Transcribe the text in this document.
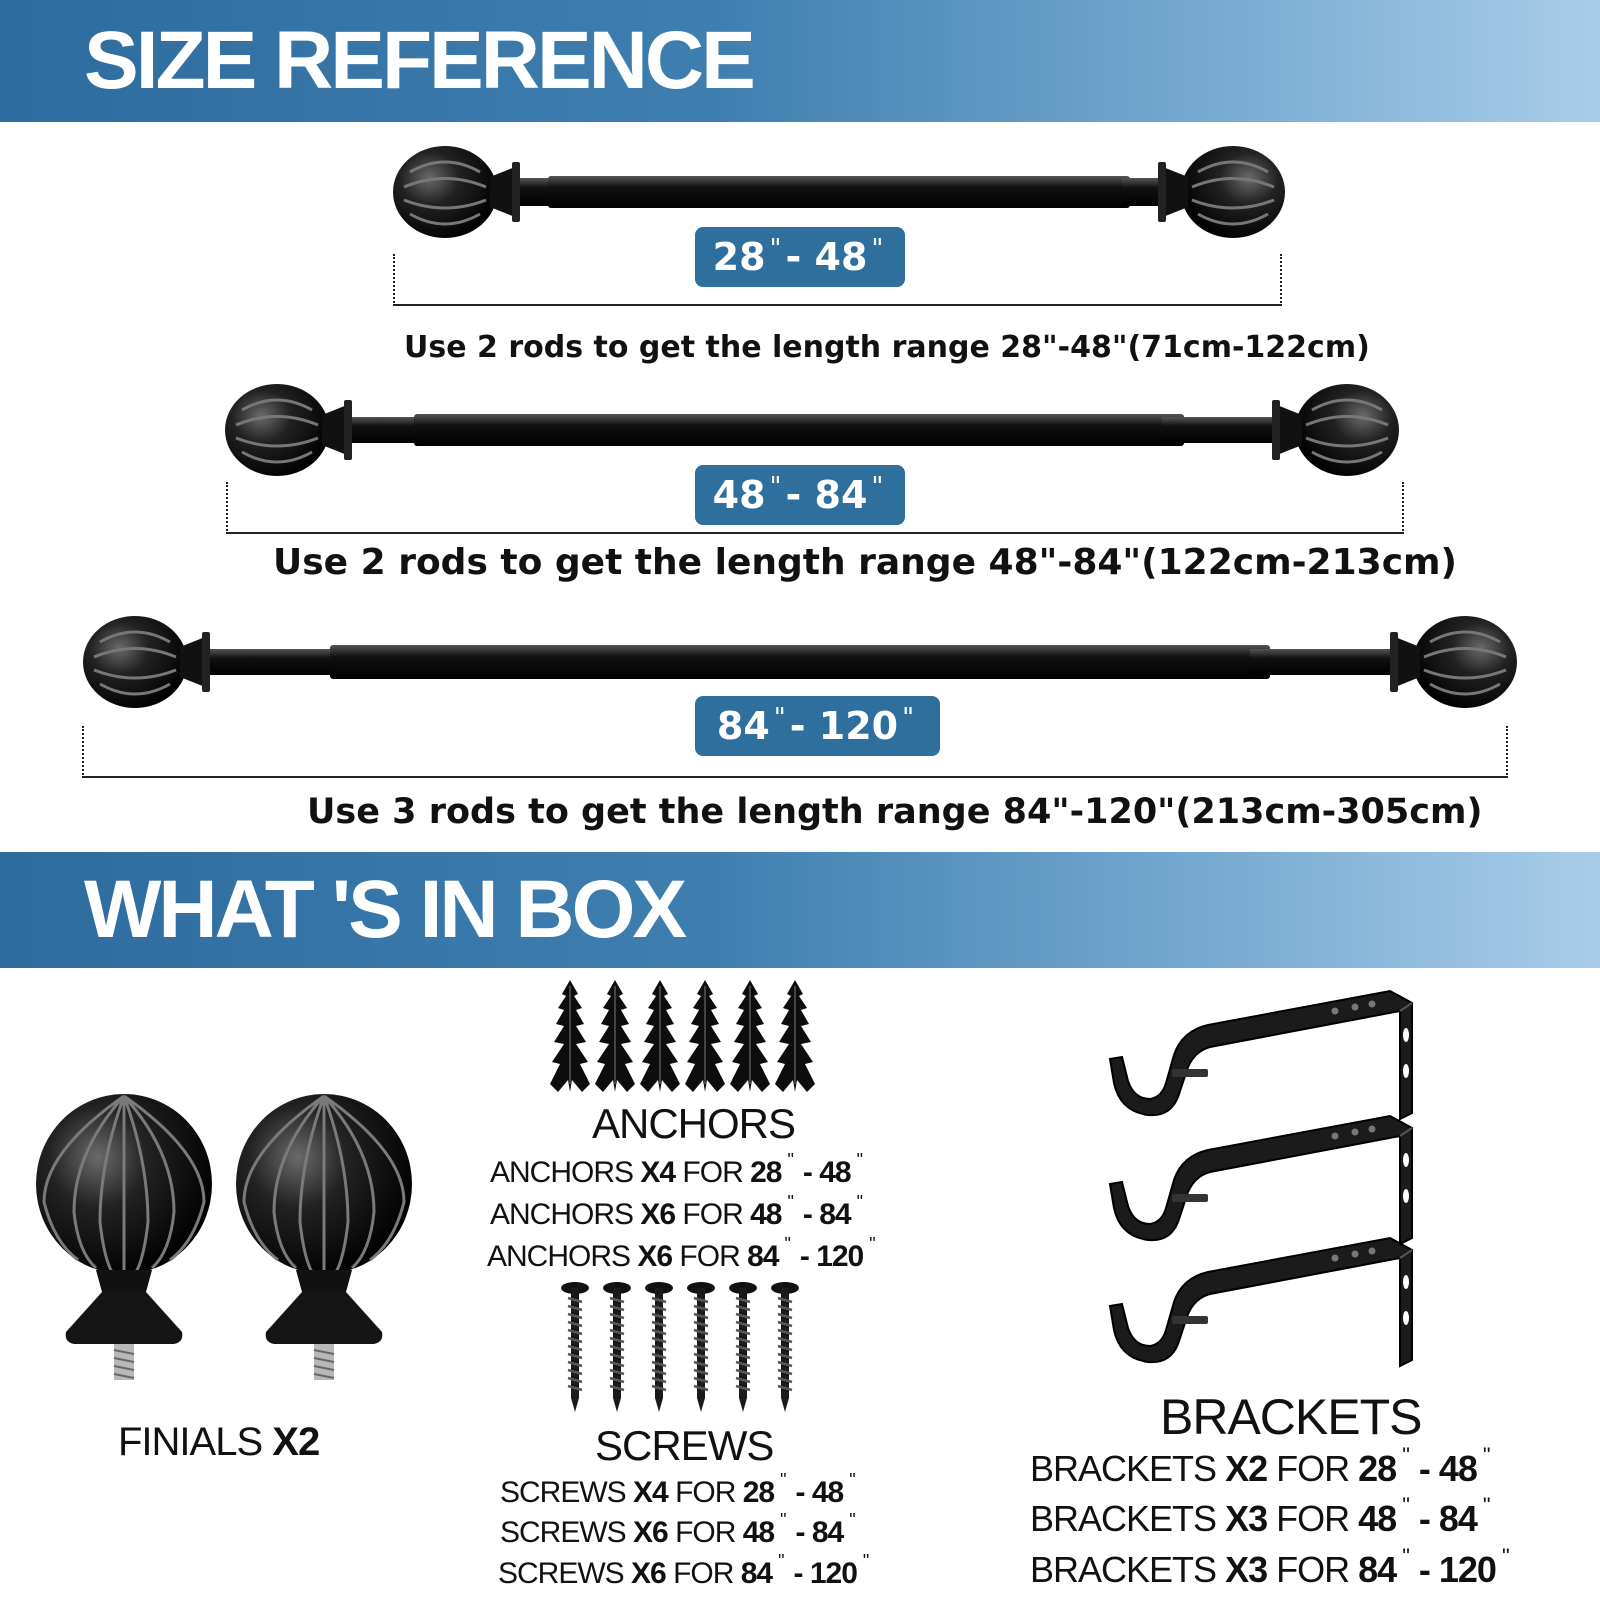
SIZE REFERENCE
28" - 48"
Use 2 rods to get the length range 28"-48"(71cm-122cm)
48" - 84"
Use 2 rods to get the length range 48"-84"(122cm-213cm)
84" - 120"
Use 3 rods to get the length range 84"-120"(213cm-305cm)
WHAT 'S IN BOX
FINIALS X2
ANCHORS
ANCHORS X4 FOR 28 " - 48 "
ANCHORS X6 FOR 48 " - 84 "
ANCHORS X6 FOR 84 " - 120 "
SCREWS
SCREWS X4 FOR 28 " - 48 "
SCREWS X6 FOR 48 " - 84 "
SCREWS X6 FOR 84 " - 120 "
BRACKETS
BRACKETS X2 FOR 28 " - 48 "
BRACKETS X3 FOR 48 " - 84 "
BRACKETS X3 FOR 84 " - 120 "
